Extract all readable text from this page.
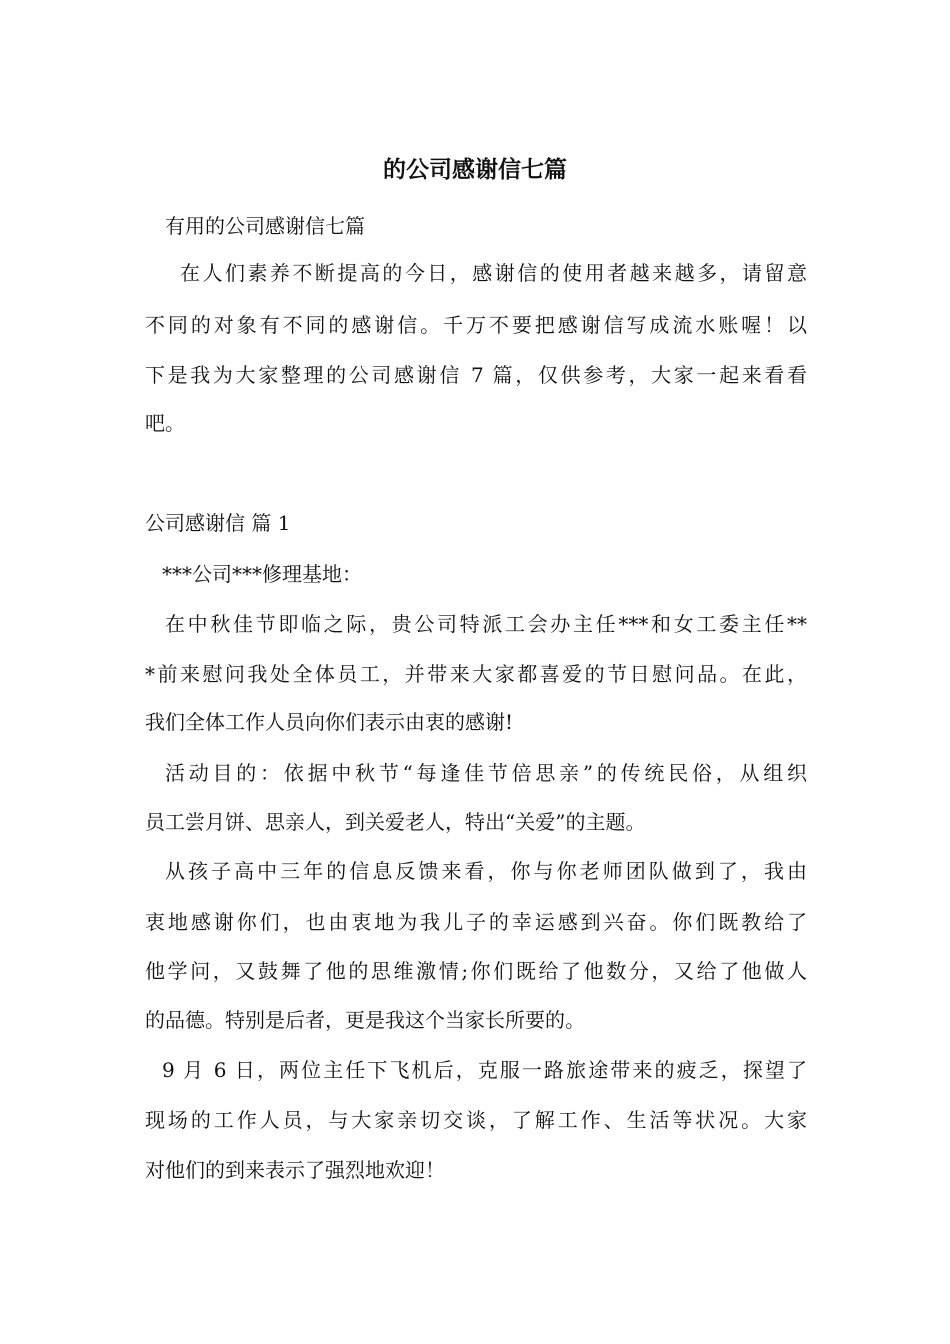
的公司感谢信七篇
有用的公司感谢信七篇
在人们素养不断提高的今日，感谢信的使用者越来越多，请留意
不同的对象有不同的感谢信。千万不要把感谢信写成流水账喔！以
下是我为大家整理的公司感谢信 7 篇，仅供参考，大家一起来看看
吧。
公司感谢信 篇 1
***公司***修理基地：
在中秋佳节即临之际，贵公司特派工会办主任***和女工委主任**
*前来慰问我处全体员工，并带来大家都喜爱的节日慰问品。在此，
我们全体工作人员向你们表示由衷的感谢!
活动目的：依据中秋节“每逢佳节倍思亲”的传统民俗，从组织
员工尝月饼、思亲人，到关爱老人，特出“关爱”的主题。
从孩子高中三年的信息反馈来看，你与你老师团队做到了，我由
衷地感谢你们，也由衷地为我儿子的幸运感到兴奋。你们既教给了
他学问，又鼓舞了他的思维激情;你们既给了他数分，又给了他做人
的品德。特别是后者，更是我这个当家长所要的。
9 月 6 日，两位主任下飞机后，克服一路旅途带来的疲乏，探望了
现场的工作人员，与大家亲切交谈，了解工作、生活等状况。大家
对他们的到来表示了强烈地欢迎！
